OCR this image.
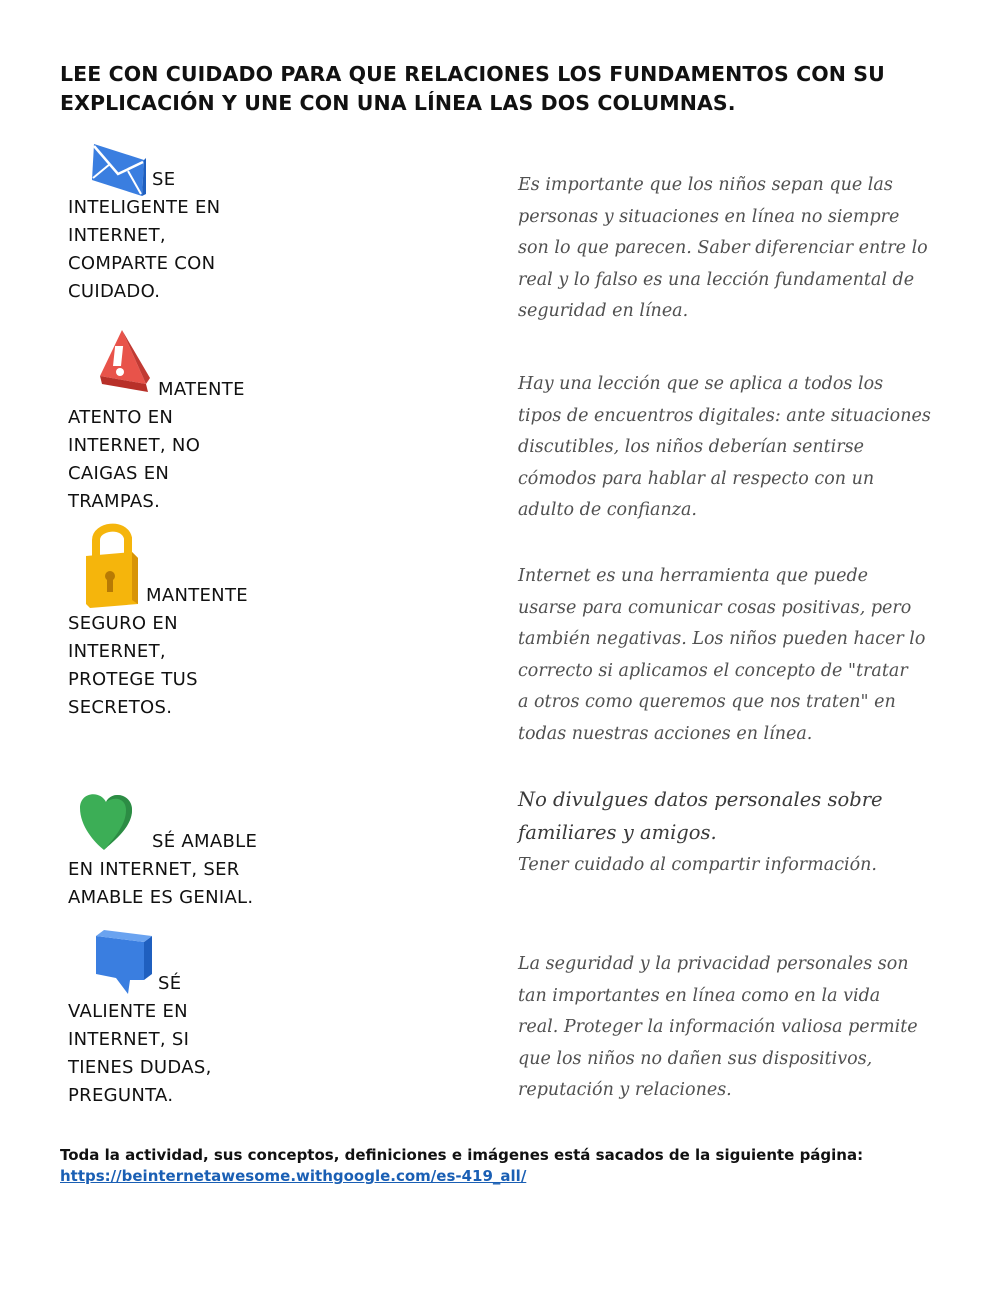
LEE CON CUIDADO PARA QUE RELACIONES LOS FUNDAMENTOS CON SU
EXPLICACIÓN Y UNE CON UNA LÍNEA LAS DOS COLUMNAS.
SE
INTELIGENTE EN
INTERNET,
COMPARTE CON
CUIDADO.
MATENTE
ATENTO EN
INTERNET, NO
CAIGAS EN
TRAMPAS.
MANTENTE
SEGURO EN
INTERNET,
PROTEGE TUS
SECRETOS.
SÉ AMABLE
EN INTERNET, SER
AMABLE ES GENIAL.
SÉ
VALIENTE EN
INTERNET, SI
TIENES DUDAS,
PREGUNTA.
Es importante que los niños sepan que las
personas y situaciones en línea no siempre
son lo que parecen. Saber diferenciar entre lo
real y lo falso es una lección fundamental de
seguridad en línea.
Hay una lección que se aplica a todos los
tipos de encuentros digitales: ante situaciones
discutibles, los niños deberían sentirse
cómodos para hablar al respecto con un
adulto de confianza.
Internet es una herramienta que puede
usarse para comunicar cosas positivas, pero
también negativas. Los niños pueden hacer lo
correcto si aplicamos el concepto de "tratar
a otros como queremos que nos traten" en
todas nuestras acciones en línea.
No divulgues datos personales sobre
familiares y amigos.
Tener cuidado al compartir información.
La seguridad y la privacidad personales son
tan importantes en línea como en la vida
real. Proteger la información valiosa permite
que los niños no dañen sus dispositivos,
reputación y relaciones.
Toda la actividad, sus conceptos, definiciones e imágenes está sacados de la siguiente página:
https://beinternetawesome.withgoogle.com/es-419_all/
